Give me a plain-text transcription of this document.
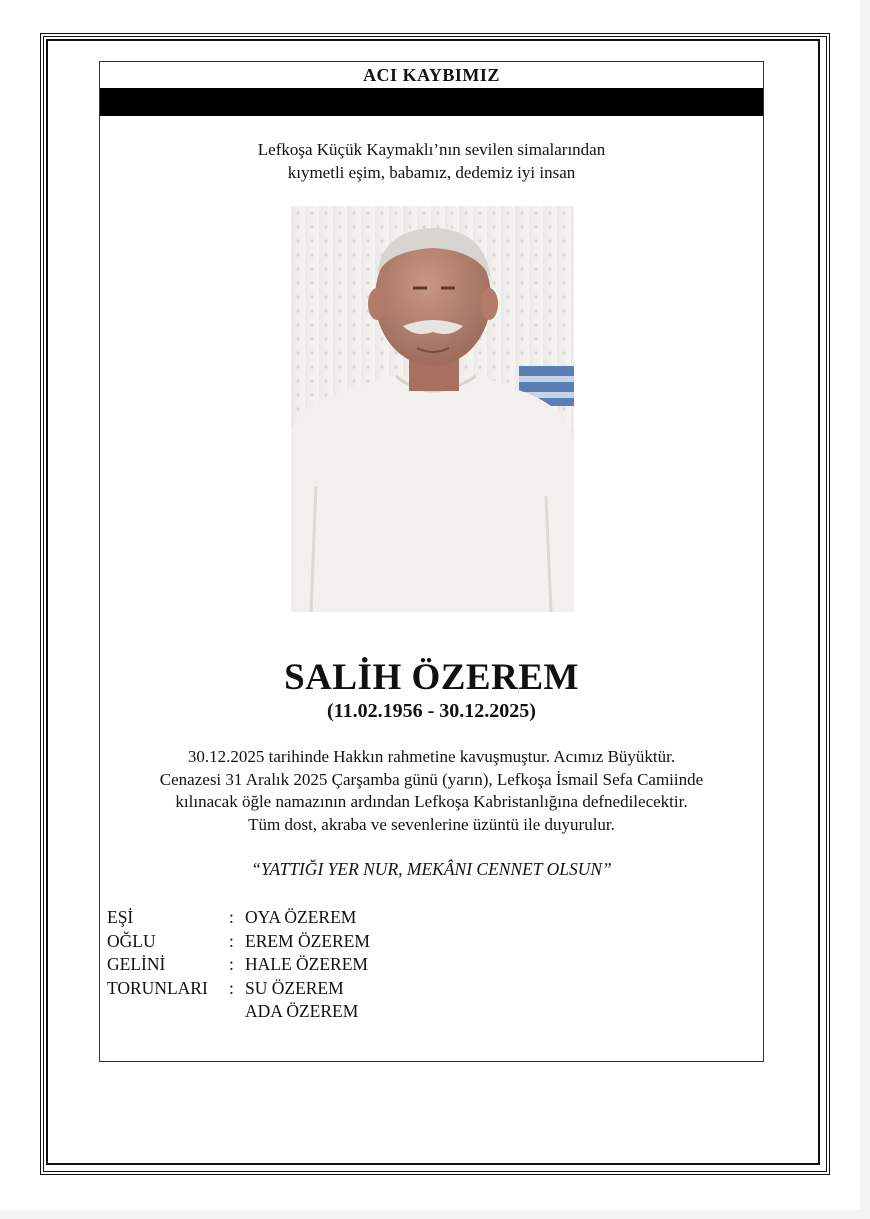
ACI KAYBIMIZ
Lefkoşa Küçük Kaymaklı’nın sevilen simalarından
kıymetli eşim, babamız, dedemiz iyi insan
SALİH ÖZEREM
(11.02.1956 - 30.12.2025)
30.12.2025 tarihinde Hakkın rahmetine kavuşmuştur. Acımız Büyüktür.
Cenazesi 31 Aralık 2025 Çarşamba günü (yarın), Lefkoşa İsmail Sefa Camiinde
kılınacak öğle namazının ardından Lefkoşa Kabristanlığına defnedilecektir.
Tüm dost, akraba ve sevenlerine üzüntü ile duyurulur.
“YATTIĞI YER NUR, MEKÂNI CENNET OLSUN”
EŞİ	: OYA ÖZEREM
OĞLU	: EREM ÖZEREM
GELİNİ	: HALE ÖZEREM
TORUNLARI : SU ÖZEREM
ADA ÖZEREM
